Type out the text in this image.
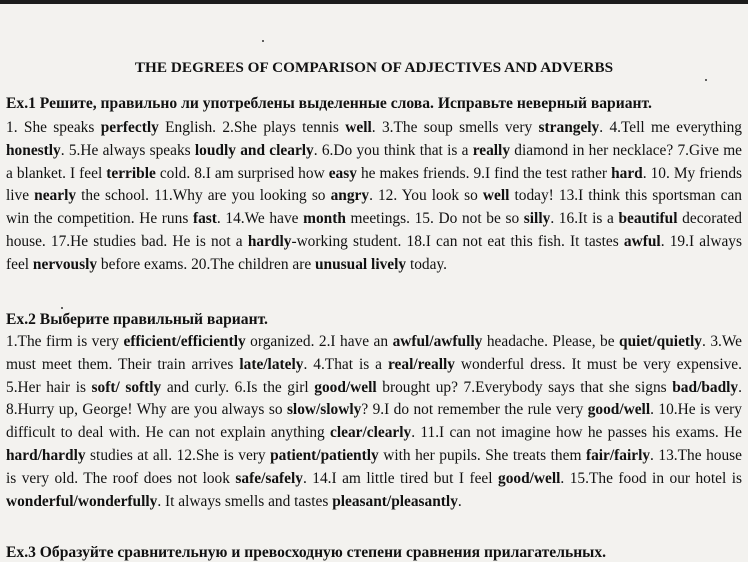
THE DEGREES OF COMPARISON OF ADJECTIVES AND ADVERBS
Ex.1 Решите, правильно ли употреблены выделенные слова. Исправьте неверный вариант.
1. She speaks perfectly English. 2.She plays tennis well. 3.The soup smells very strangely. 4.Tell me everything honestly. 5.He always speaks loudly and clearly. 6.Do you think that is a really diamond in her necklace? 7.Give me a blanket. I feel terrible cold. 8.I am surprised how easy he makes friends. 9.I find the test rather hard. 10. My friends live nearly the school. 11.Why are you looking so angry. 12. You look so well today! 13.I think this sportsman can win the competition. He runs fast. 14.We have month meetings. 15. Do not be so silly. 16.It is a beautiful decorated house. 17.He studies bad. He is not a hardly-working student. 18.I can not eat this fish. It tastes awful. 19.I always feel nervously before exams. 20.The children are unusual lively today.
Ex.2 Выберите правильный вариант.
1.The firm is very efficient/efficiently organized. 2.I have an awful/awfully headache. Please, be quiet/quietly. 3.We must meet them. Their train arrives late/lately. 4.That is a real/really wonderful dress. It must be very expensive. 5.Her hair is soft/ softly and curly. 6.Is the girl good/well brought up? 7.Everybody says that she signs bad/badly. 8.Hurry up, George! Why are you always so slow/slowly? 9.I do not remember the rule very good/well. 10.He is very difficult to deal with. He can not explain anything clear/clearly. 11.I can not imagine how he passes his exams. He hard/hardly studies at all. 12.She is very patient/patiently with her pupils. She treats them fair/fairly. 13.The house is very old. The roof does not look safe/safely. 14.I am little tired but I feel good/well. 15.The food in our hotel is wonderful/wonderfully. It always smells and tastes pleasant/pleasantly.
Ex.3 Образуйте сравнительную и превосходную степени сравнения прилагательных.
